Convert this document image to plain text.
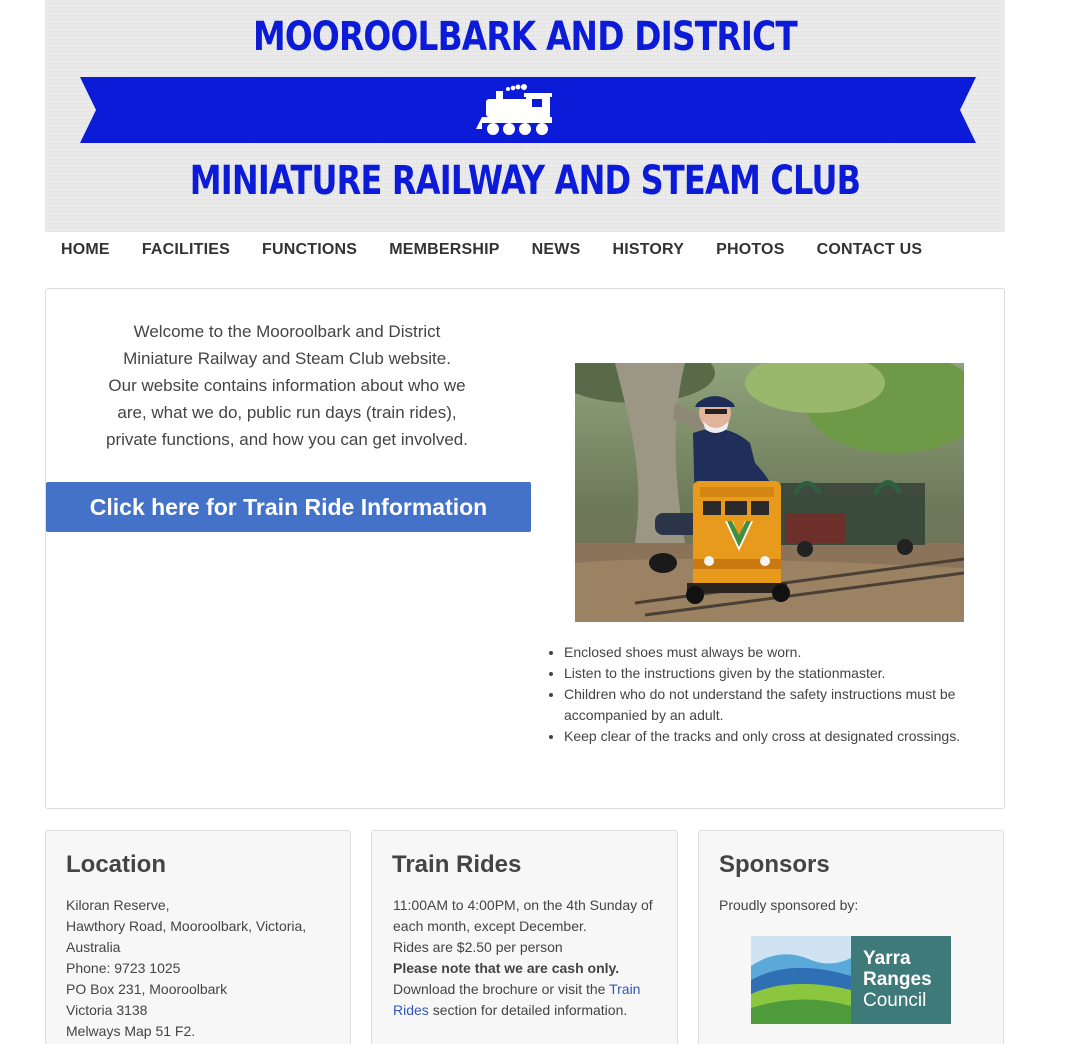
MOOROOLBARK AND DISTRICT
MINIATURE RAILWAY AND STEAM CLUB
HOME	FACILITIES	FUNCTIONS	MEMBERSHIP	NEWS	HISTORY	PHOTOS	CONTACT US
Welcome to the Mooroolbark and District
Miniature Railway and Steam Club website.
Our website contains information about who we
are, what we do, public run days (train rides),
private functions, and how you can get involved.
Click here for Train Ride Information
• Enclosed shoes must always be worn.
• Listen to the instructions given by the stationmaster.
• Children who do not understand the safety instructions must be accompanied by an adult.
• Keep clear of the tracks and only cross at designated crossings.
Location
Kiloran Reserve,
Hawthory Road, Mooroolbark, Victoria, Australia
Phone: 9723 1025
PO Box 231, Mooroolbark
Victoria 3138
Melways Map 51 F2.
Train Rides
11:00AM to 4:00PM, on the 4th Sunday of each month, except December.
Rides are $2.50 per person
Please note that we are cash only.
Download the brochure or visit the Train Rides section for detailed information.
Sponsors
Proudly sponsored by:
Yarra
Ranges
Council
